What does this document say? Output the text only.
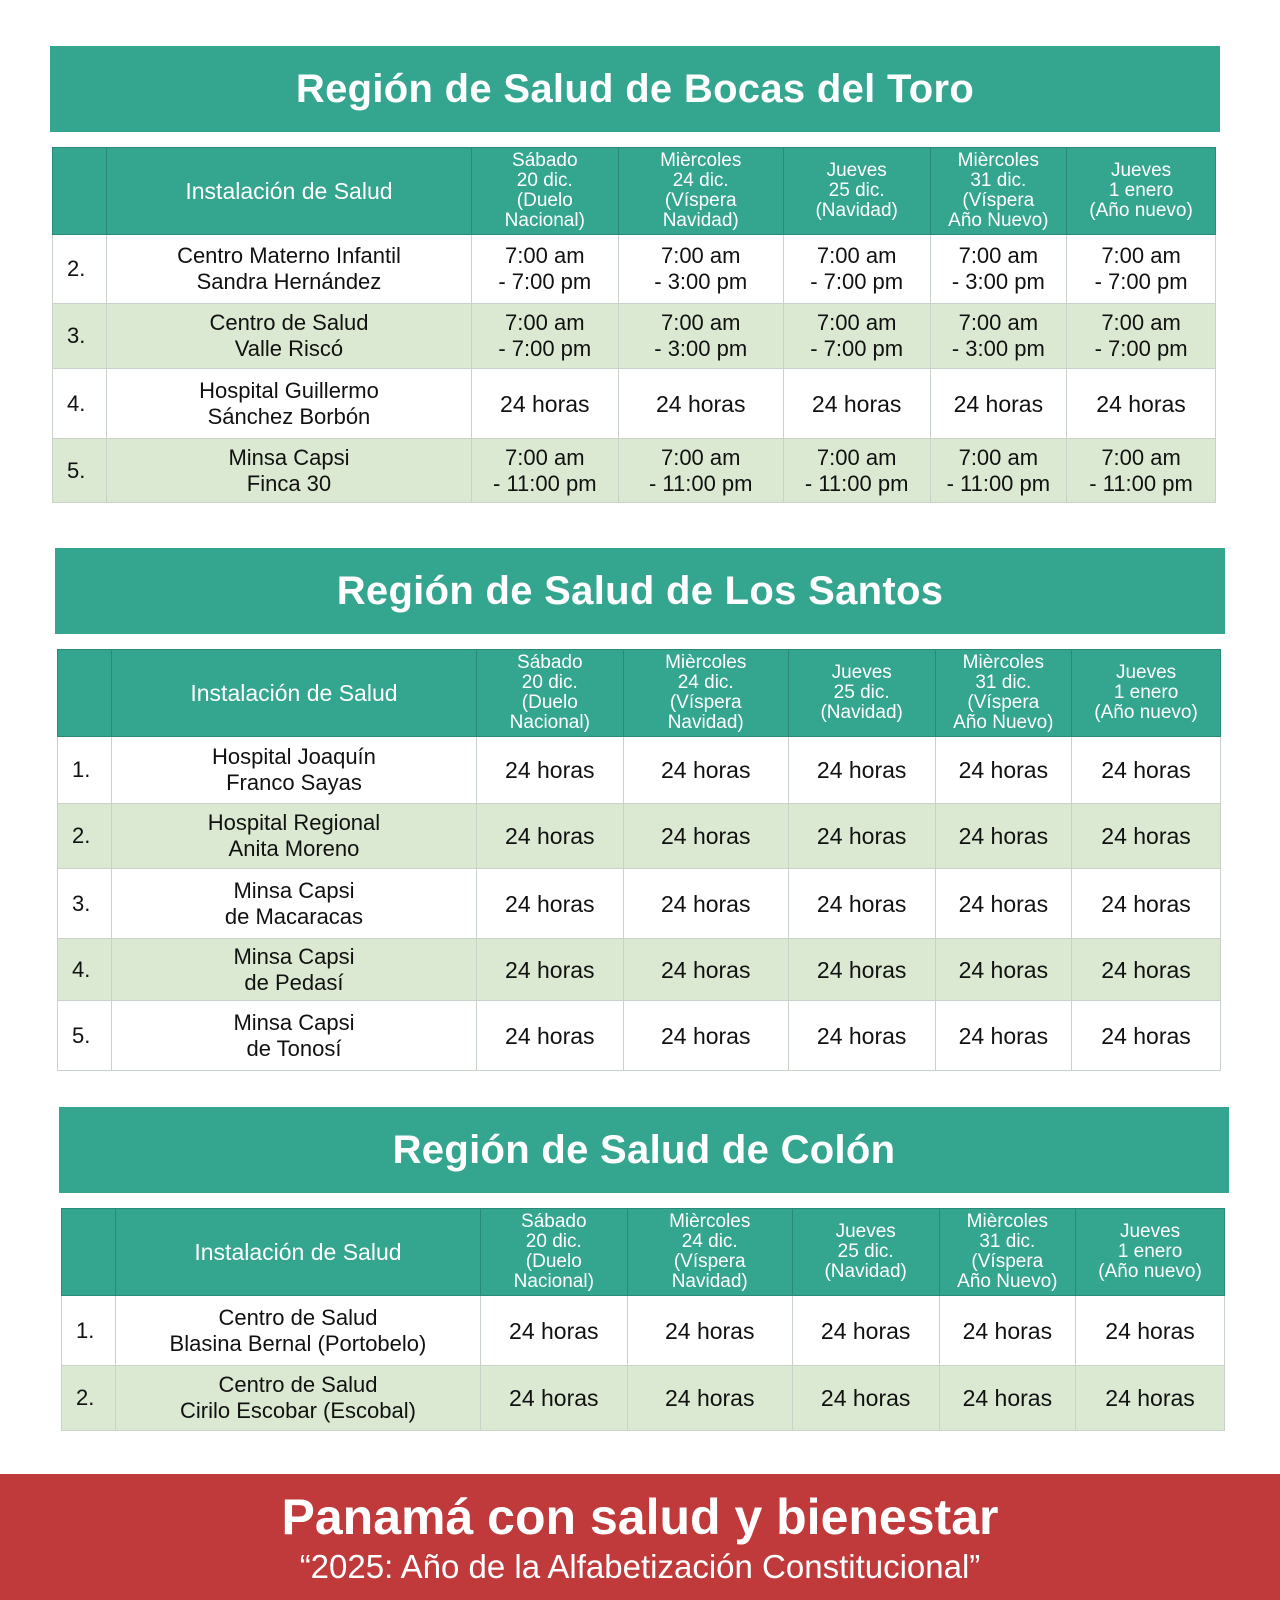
Región de Salud de Bocas del Toro
	Instalación de Salud	Sábado
20 dic.
(Duelo
Nacional)	Mièrcoles
24 dic.
(Víspera
Navidad)	Jueves
25 dic.
(Navidad)	Mièrcoles
31 dic.
(Víspera
Año Nuevo)	Jueves
1 enero
(Año nuevo)
2.	Centro Materno Infantil
Sandra Hernández	7:00 am
- 7:00 pm	7:00 am
- 3:00 pm	7:00 am
- 7:00 pm	7:00 am
- 3:00 pm	7:00 am
- 7:00 pm
3.	Centro de Salud
Valle Riscó	7:00 am
- 7:00 pm	7:00 am
- 3:00 pm	7:00 am
- 7:00 pm	7:00 am
- 3:00 pm	7:00 am
- 7:00 pm
4.	Hospital Guillermo
Sánchez Borbón	24 horas	24 horas	24 horas	24 horas	24 horas
5.	Minsa Capsi
Finca 30	7:00 am
- 11:00 pm	7:00 am
- 11:00 pm	7:00 am
- 11:00 pm	7:00 am
- 11:00 pm	7:00 am
- 11:00 pm
Región de Salud de Los Santos
	Instalación de Salud	Sábado
20 dic.
(Duelo
Nacional)	Mièrcoles
24 dic.
(Víspera
Navidad)	Jueves
25 dic.
(Navidad)	Mièrcoles
31 dic.
(Víspera
Año Nuevo)	Jueves
1 enero
(Año nuevo)
1.	Hospital Joaquín
Franco Sayas	24 horas	24 horas	24 horas	24 horas	24 horas
2.	Hospital Regional
Anita Moreno	24 horas	24 horas	24 horas	24 horas	24 horas
3.	Minsa Capsi
de Macaracas	24 horas	24 horas	24 horas	24 horas	24 horas
4.	Minsa Capsi
de Pedasí	24 horas	24 horas	24 horas	24 horas	24 horas
5.	Minsa Capsi
de Tonosí	24 horas	24 horas	24 horas	24 horas	24 horas
Región de Salud de Colón
	Instalación de Salud	Sábado
20 dic.
(Duelo
Nacional)	Mièrcoles
24 dic.
(Víspera
Navidad)	Jueves
25 dic.
(Navidad)	Mièrcoles
31 dic.
(Víspera
Año Nuevo)	Jueves
1 enero
(Año nuevo)
1.	Centro de Salud
Blasina Bernal (Portobelo)	24 horas	24 horas	24 horas	24 horas	24 horas
2.	Centro de Salud
Cirilo Escobar (Escobal)	24 horas	24 horas	24 horas	24 horas	24 horas
Panamá con salud y bienestar
“2025: Año de la Alfabetización Constitucional”
